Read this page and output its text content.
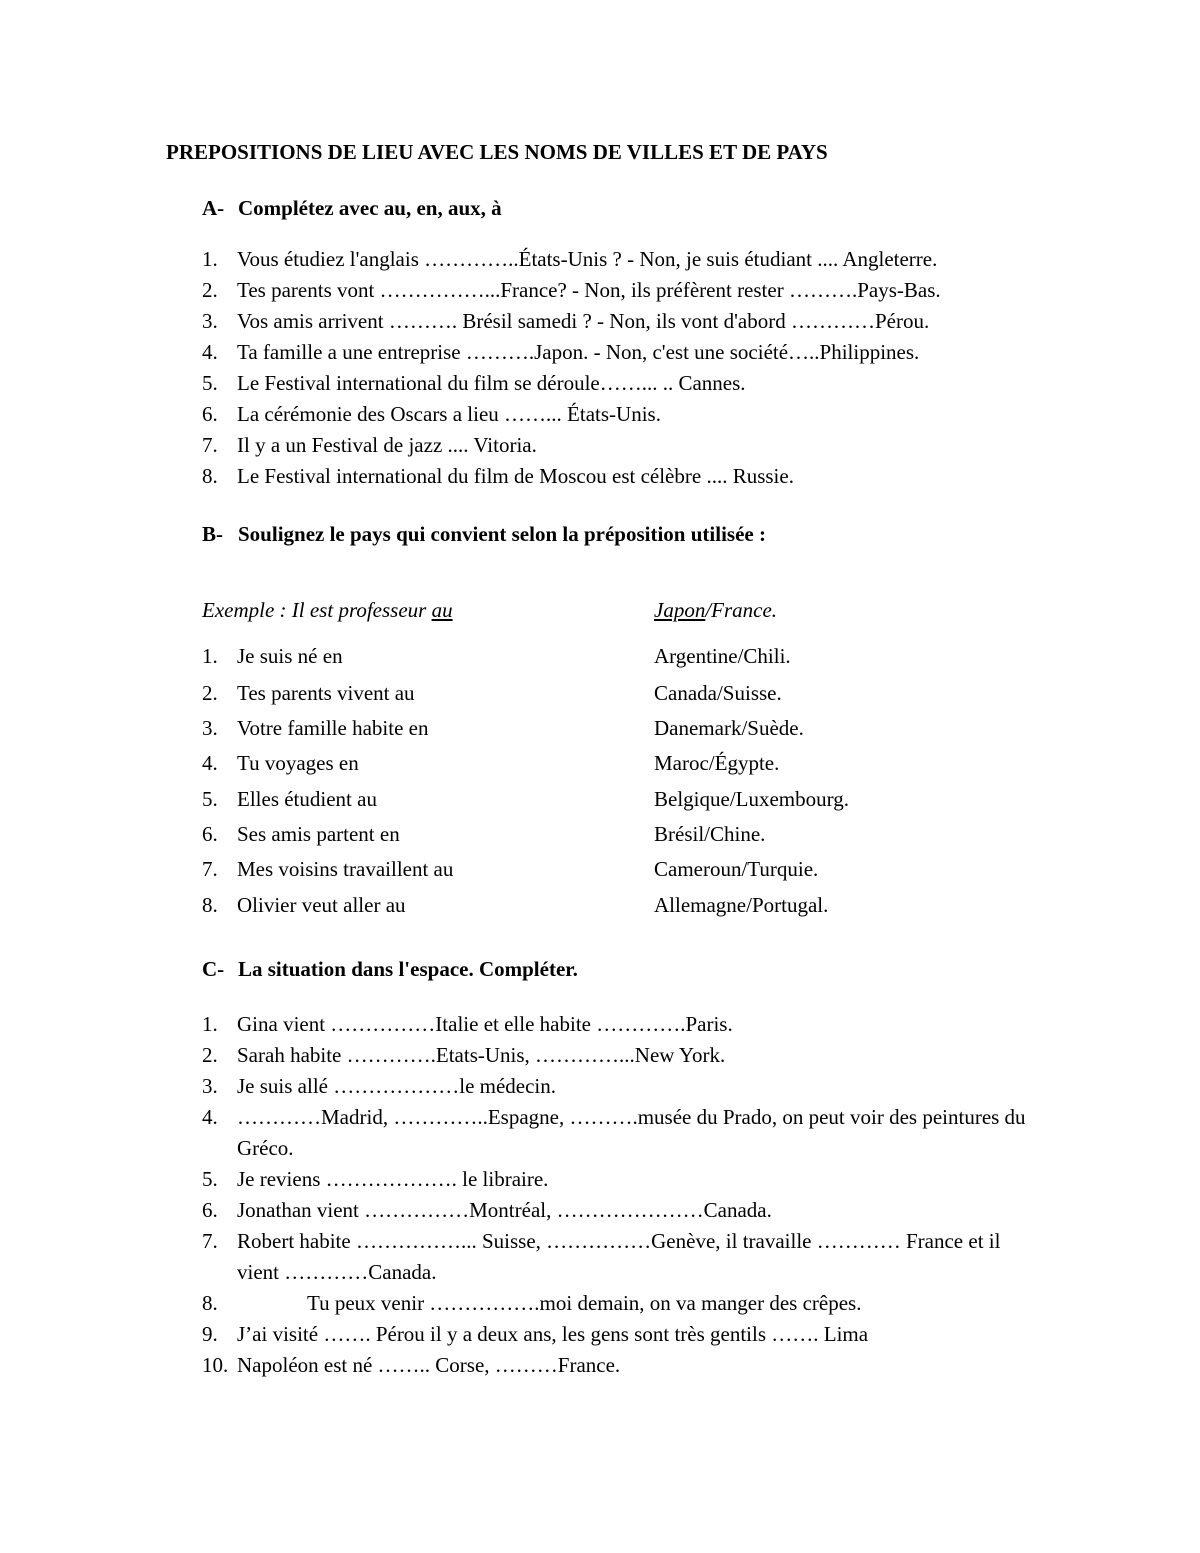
PREPOSITIONS DE LIEU AVEC LES NOMS DE VILLES ET DE PAYS
A- Complétez avec au, en, aux, à
1. Vous étudiez l'anglais …………..États-Unis ? - Non, je suis étudiant .... Angleterre.
2. Tes parents vont ……………...France? - Non, ils préfèrent rester ……….Pays-Bas.
3. Vos amis arrivent ………. Brésil samedi ? - Non, ils vont d'abord …………Pérou.
4. Ta famille a une entreprise ……….Japon. - Non, c'est une société…..Philippines.
5. Le Festival international du film se déroule……... .. Cannes.
6. La cérémonie des Oscars a lieu ……... États-Unis.
7. Il y a un Festival de jazz .... Vitoria.
8. Le Festival international du film de Moscou est célèbre .... Russie.
B- Soulignez le pays qui convient selon la préposition utilisée :
Exemple : Il est professeur au	Japon/France.
1. Je suis né en	Argentine/Chili.
2. Tes parents vivent au	Canada/Suisse.
3. Votre famille habite en	Danemark/Suède.
4. Tu voyages en	Maroc/Égypte.
5. Elles étudient au	Belgique/Luxembourg.
6. Ses amis partent en	Brésil/Chine.
7. Mes voisins travaillent au	Cameroun/Turquie.
8. Olivier veut aller au	Allemagne/Portugal.
C- La situation dans l'espace. Compléter.
1. Gina vient ……………Italie et elle habite ………….Paris.
2. Sarah habite ………….Etats-Unis, …………...New York.
3. Je suis allé ………………le médecin.
4. …………Madrid, …………..Espagne, ……….musée du Prado, on peut voir des peintures du Gréco.
5. Je reviens ………………. le libraire.
6. Jonathan vient ……………Montréal, …………………Canada.
7. Robert habite ……………... Suisse, ……………Genève, il travaille ………… France et il vient …………Canada.
8.	Tu peux venir …………….moi demain, on va manger des crêpes.
9. J’ai visité ……. Pérou il y a deux ans, les gens sont très gentils ……. Lima
10. Napoléon est né …….. Corse, ………France.
